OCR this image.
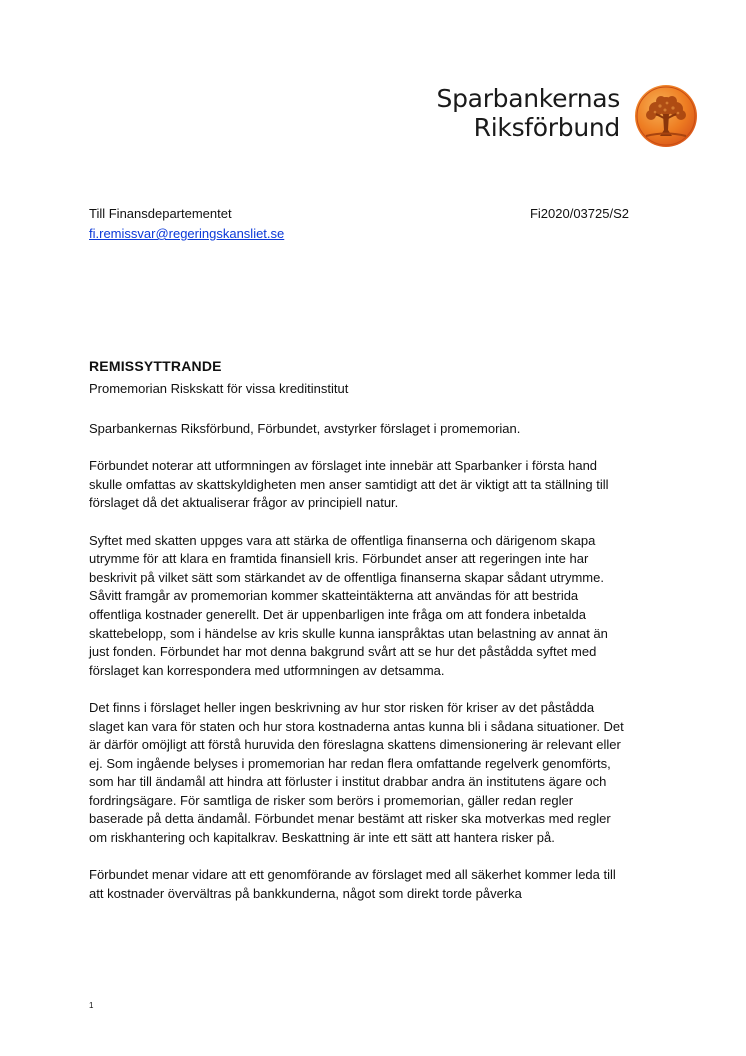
Sparbankernas
Riksförbund
Till Finansdepartementet	Fi2020/03725/S2
fi.remissvar@regeringskansliet.se
REMISSYTTRANDE
Promemorian Riskskatt för vissa kreditinstitut

Sparbankernas Riksförbund, Förbundet, avstyrker förslaget i promemorian.

Förbundet noterar att utformningen av förslaget inte innebär att Sparbanker i första hand skulle omfattas av skattskyldigheten men anser samtidigt att det är viktigt att ta ställning till förslaget då det aktualiserar frågor av principiell natur.

Syftet med skatten uppges vara att stärka de offentliga finanserna och därigenom skapa utrymme för att klara en framtida finansiell kris. Förbundet anser att regeringen inte har beskrivit på vilket sätt som stärkandet av de offentliga finanserna skapar sådant utrymme. Såvitt framgår av promemorian kommer skatteintäkterna att användas för att bestrida offentliga kostnader generellt. Det är uppenbarligen inte fråga om att fondera inbetalda skattebelopp, som i händelse av kris skulle kunna ianspråktas utan belastning av annat än just fonden. Förbundet har mot denna bakgrund svårt att se hur det påstådda syftet med förslaget kan korrespondera med utformningen av detsamma.

Det finns i förslaget heller ingen beskrivning av hur stor risken för kriser av det påstådda slaget kan vara för staten och hur stora kostnaderna antas kunna bli i sådana situationer. Det är därför omöjligt att förstå huruvida den föreslagna skattens dimensionering är relevant eller ej. Som ingående belyses i promemorian har redan flera omfattande regelverk genomförts, som har till ändamål att hindra att förluster i institut drabbar andra än institutens ägare och fordringsägare. För samtliga de risker som berörs i promemorian, gäller redan regler baserade på detta ändamål. Förbundet menar bestämt att risker ska motverkas med regler om riskhantering och kapitalkrav. Beskattning är inte ett sätt att hantera risker på.

Förbundet menar vidare att ett genomförande av förslaget med all säkerhet kommer leda till att kostnader övervältras på bankkunderna, något som direkt torde påverka

1
